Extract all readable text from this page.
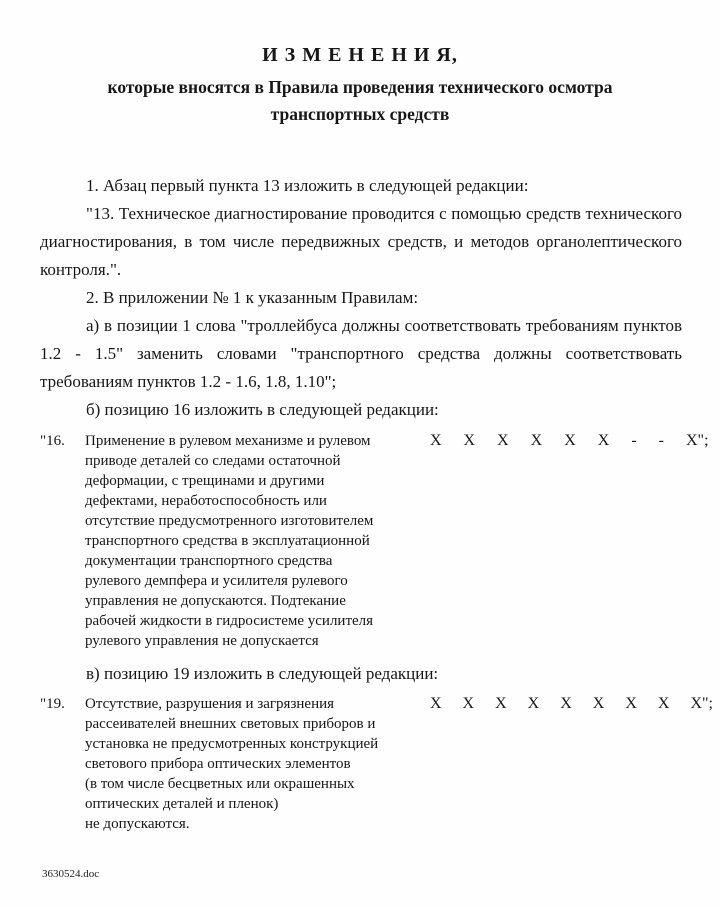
И З М Е Н Е Н И Я,
которые вносятся в Правила проведения технического осмотра транспортных средств

1. Абзац первый пункта 13 изложить в следующей редакции:

"13. Техническое диагностирование проводится с помощью средств технического диагностирования, в том числе передвижных средств, и методов органолептического контроля.".

2. В приложении № 1 к указанным Правилам:

а) в позиции 1 слова "троллейбуса должны соответствовать требованиям пунктов 1.2 - 1.5" заменить словами "транспортного средства должны соответствовать требованиям пунктов 1.2 - 1.6, 1.8, 1.10";

б) позицию 16 изложить в следующей редакции:

"16.	Применение в рулевом механизме и рулевом
приводе деталей со следами остаточной
деформации, с трещинами и другими
дефектами, неработоспособность или
отсутствие предусмотренного изготовителем
транспортного средства в эксплуатационной
документации транспортного средства
рулевого демпфера и усилителя рулевого
управления не допускаются. Подтекание
рабочей жидкости в гидросистеме усилителя
рулевого управления не допускается
Х Х Х Х Х Х - - Х";

в) позицию 19 изложить в следующей редакции:

"19.	Отсутствие, разрушения и загрязнения
рассеивателей внешних световых приборов и
установка не предусмотренных конструкцией
светового прибора оптических элементов
(в том числе бесцветных или окрашенных
оптических деталей и пленок)
не допускаются.
Х Х Х Х Х Х Х Х Х";
3630524.doc
